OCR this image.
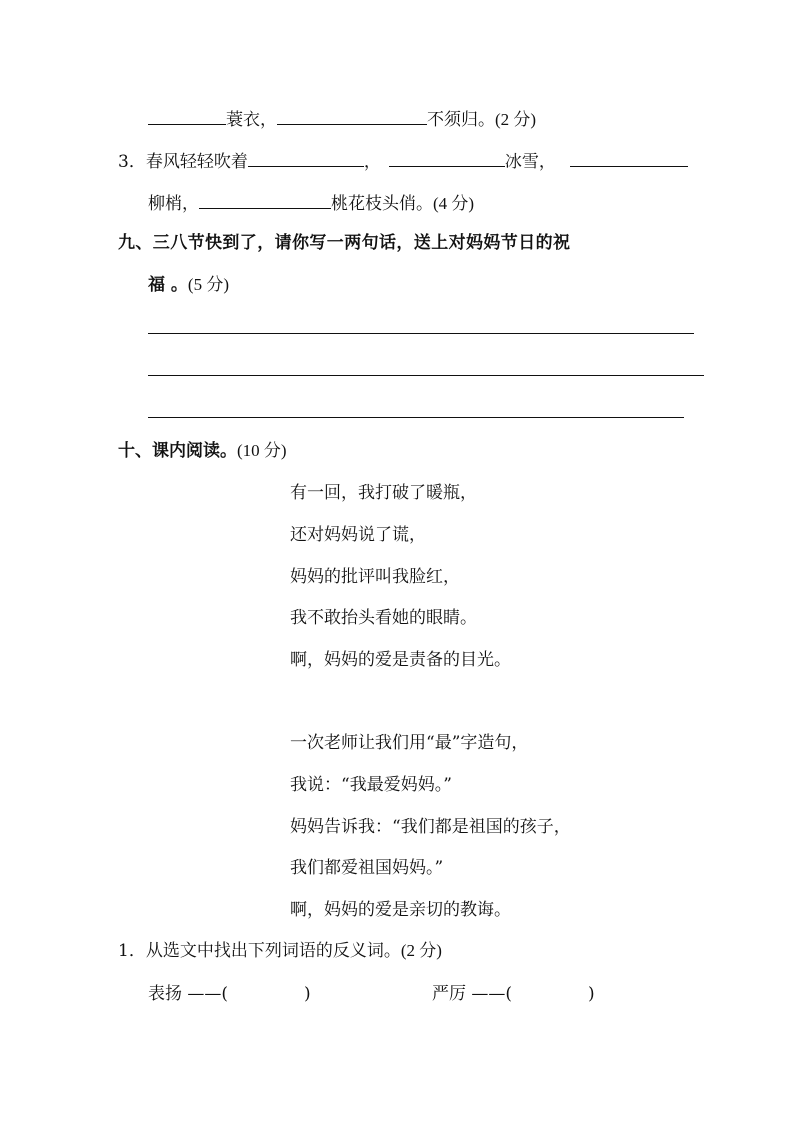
蓑衣，	不须归。(2 分)
3．春风轻轻吹着	，	冰雪，
柳梢，	桃花枝头俏。(4 分)
九、三八节快到了，请你写一两句话，送上对妈妈节日的祝
福 。(5 分)
十、课内阅读。(10 分)
有一回，我打破了暖瓶，
还对妈妈说了谎，
妈妈的批评叫我脸红，
我不敢抬头看她的眼睛。
啊，妈妈的爱是责备的目光。
一次老师让我们用“最”字造句，
我说：“我最爱妈妈。”
妈妈告诉我：“我们都是祖国的孩子，
我们都爱祖国妈妈。”
啊，妈妈的爱是亲切的教诲。
1．从选文中找出下列词语的反义词。(2 分)
表扬 ——(	)	严厉 ——(	)
